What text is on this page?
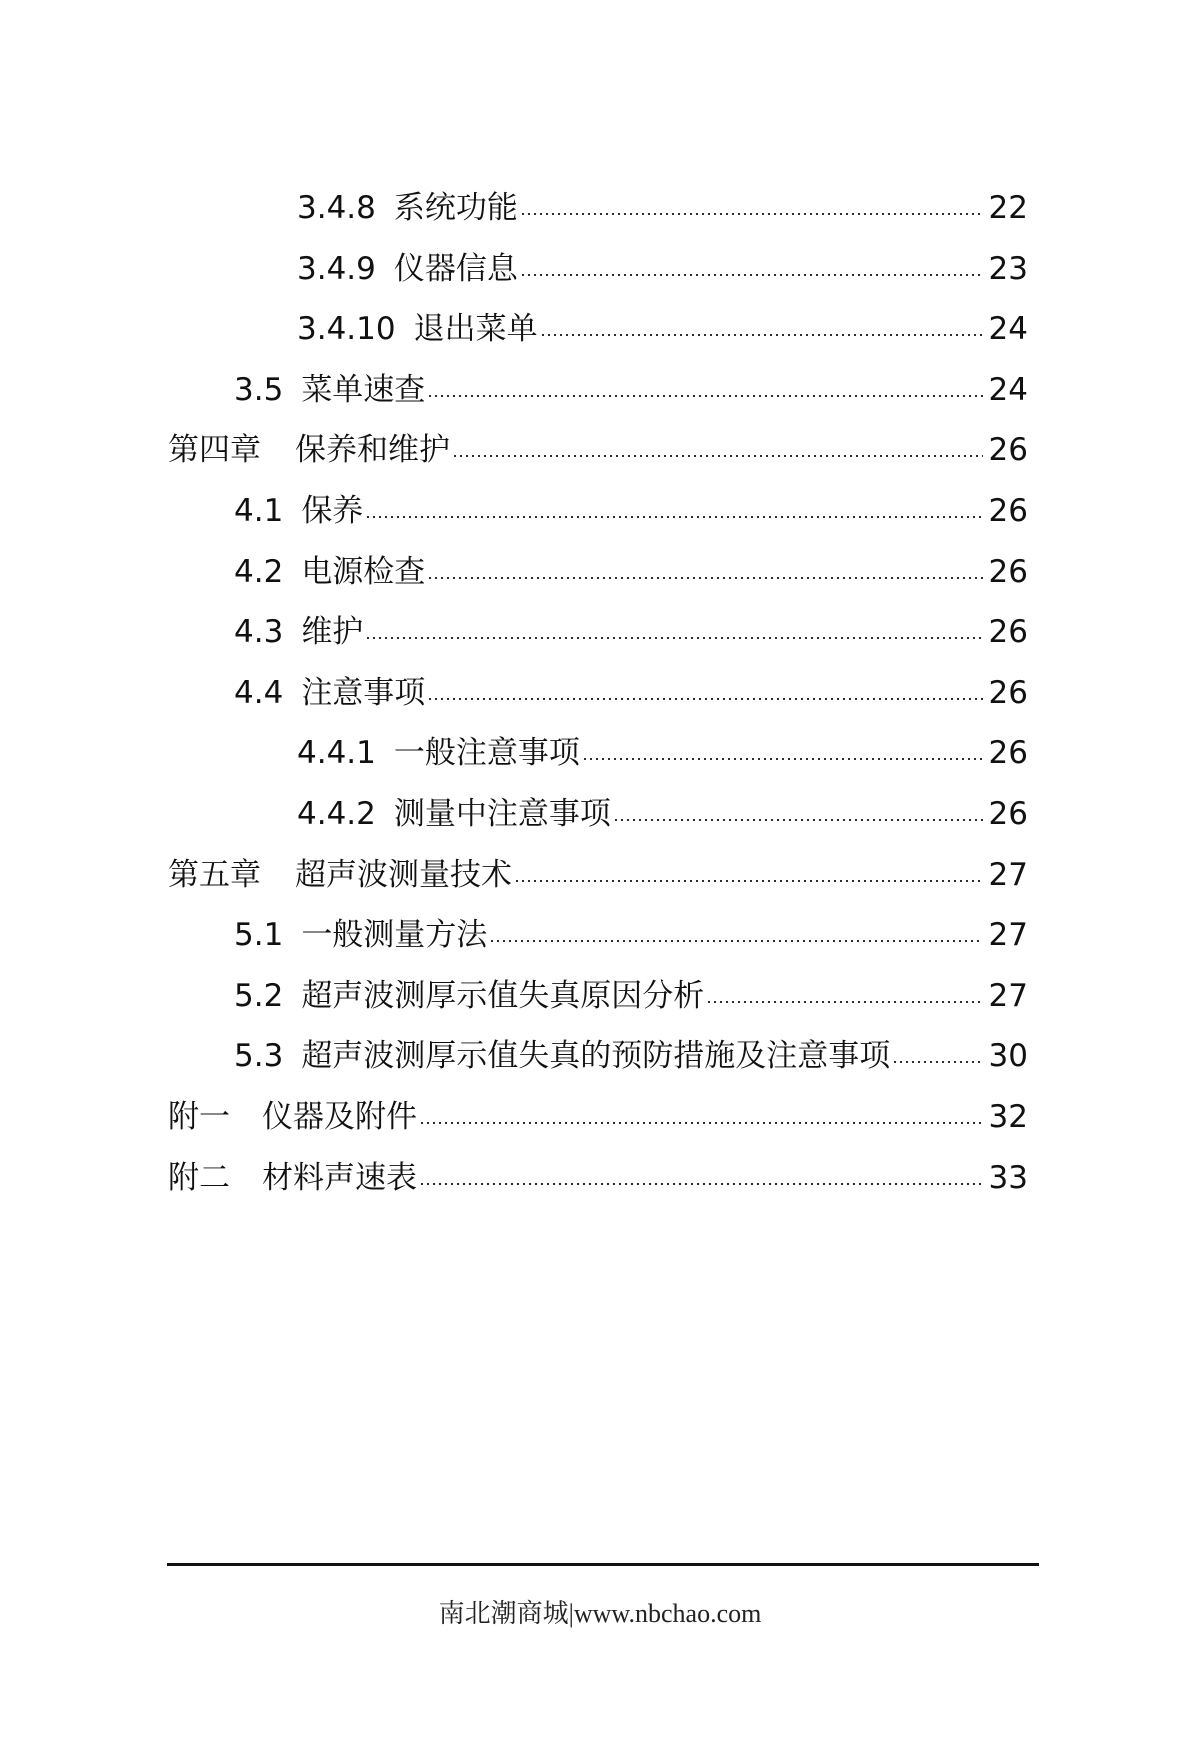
3.4.8 系统功能	22
3.4.9 仪器信息	23
3.4.10 退出菜单	24
3.5 菜单速查	24
第四章 保养和维护	26
4.1 保养	26
4.2 电源检查	26
4.3 维护	26
4.4 注意事项	26
4.4.1 一般注意事项	26
4.4.2 测量中注意事项	26
第五章 超声波测量技术	27
5.1 一般测量方法	27
5.2 超声波测厚示值失真原因分析	27
5.3 超声波测厚示值失真的预防措施及注意事项	30
附一 仪器及附件	32
附二 材料声速表	33
南北潮商城|www.nbchao.com
